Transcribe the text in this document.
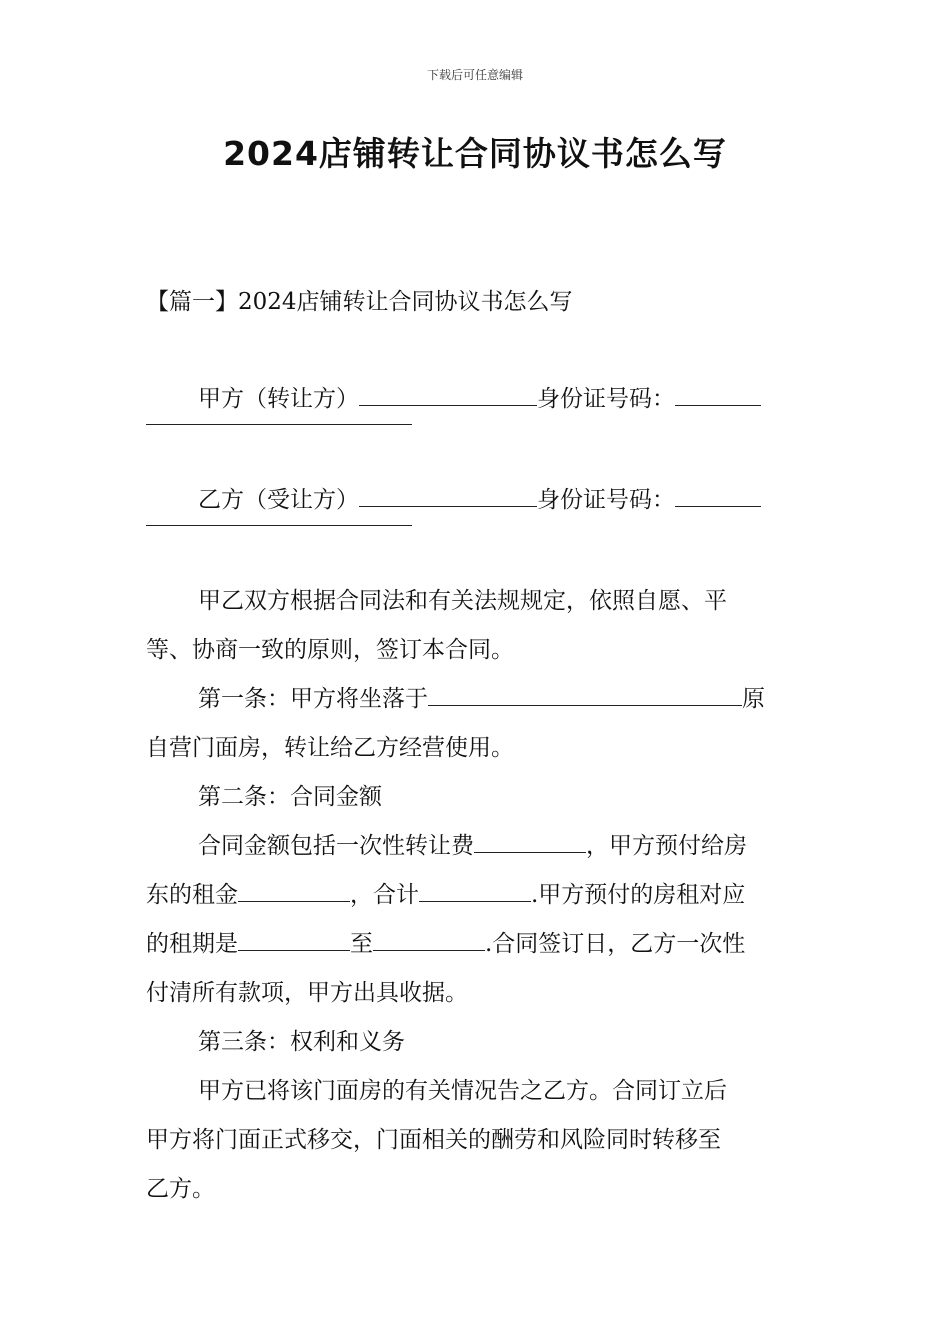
下载后可任意编辑
2024店铺转让合同协议书怎么写
【篇一】2024店铺转让合同协议书怎么写
甲方（转让方）	身份证号码：
乙方（受让方）	身份证号码：
甲乙双方根据合同法和有关法规规定，依照自愿、平
等、协商一致的原则，签订本合同。
第一条：甲方将坐落于	原
自营门面房，转让给乙方经营使用。
第二条：合同金额
合同金额包括一次性转让费	，甲方预付给房
东的租金	，合计	.甲方预付的房租对应
的租期是	至	.合同签订日，乙方一次性
付清所有款项，甲方出具收据。
第三条：权利和义务
甲方已将该门面房的有关情况告之乙方。合同订立后
甲方将门面正式移交，门面相关的酬劳和风险同时转移至
乙方。
